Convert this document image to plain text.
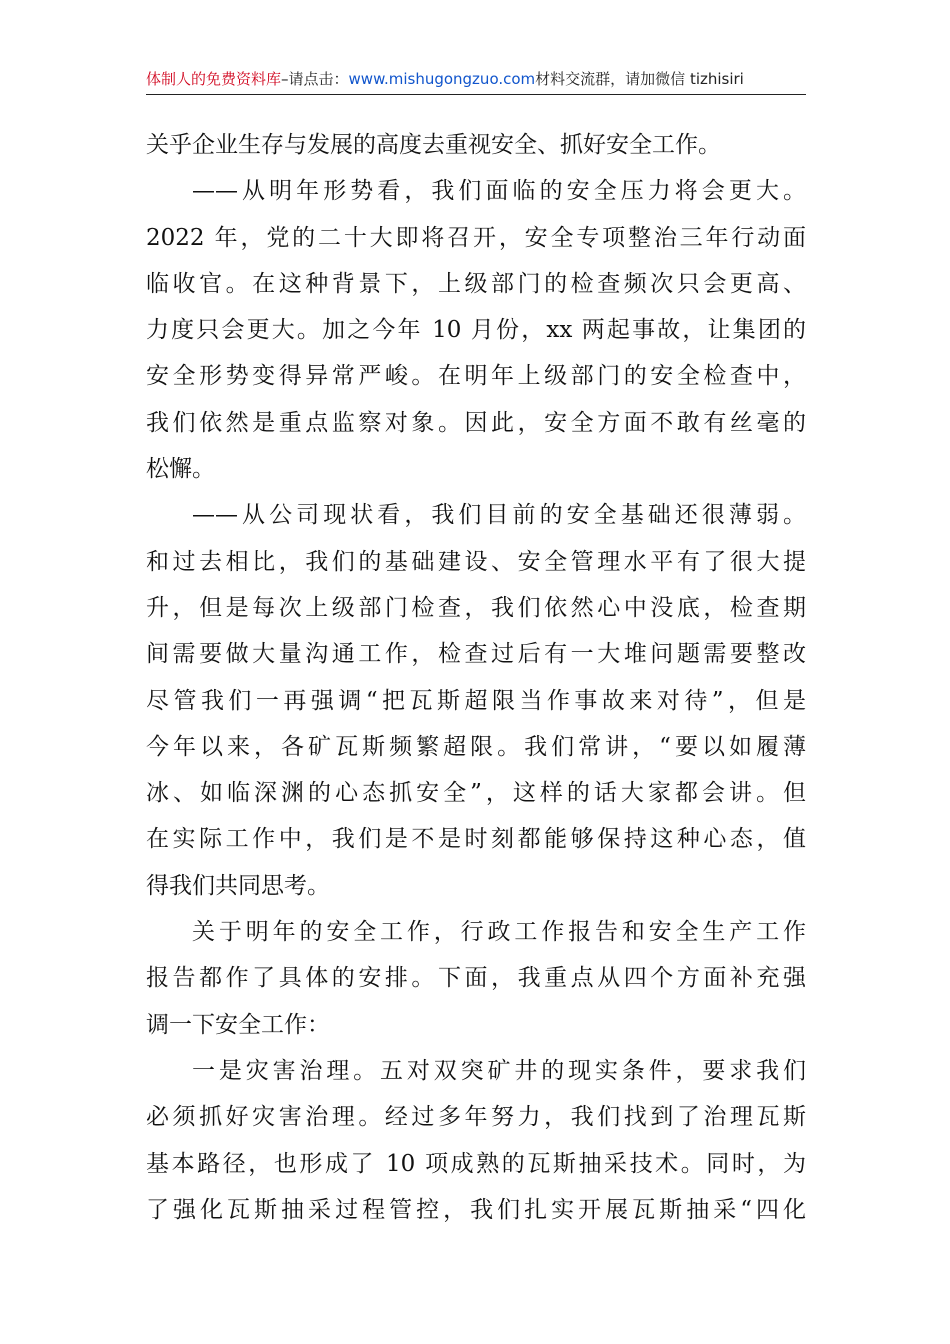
体制人的免费资料库–请点击：www.mishugongzuo.com材料交流群，请加微信 tizhisiri
关乎企业生存与发展的高度去重视安全、抓好安全工作。
——从明年形势看，我们面临的安全压力将会更大。
2022 年，党的二十大即将召开，安全专项整治三年行动面
临收官。在这种背景下，上级部门的检查频次只会更高、
力度只会更大。加之今年 10 月份，xx 两起事故，让集团的
安全形势变得异常严峻。在明年上级部门的安全检查中，
我们依然是重点监察对象。因此，安全方面不敢有丝毫的
松懈。
——从公司现状看，我们目前的安全基础还很薄弱。
和过去相比，我们的基础建设、安全管理水平有了很大提
升，但是每次上级部门检查，我们依然心中没底，检查期
间需要做大量沟通工作，检查过后有一大堆问题需要整改
尽管我们一再强调“把瓦斯超限当作事故来对待”，但是
今年以来，各矿瓦斯频繁超限。我们常讲，“要以如履薄
冰、如临深渊的心态抓安全”，这样的话大家都会讲。但
在实际工作中，我们是不是时刻都能够保持这种心态，值
得我们共同思考。
关于明年的安全工作，行政工作报告和安全生产工作
报告都作了具体的安排。下面，我重点从四个方面补充强
调一下安全工作：
一是灾害治理。五对双突矿井的现实条件，要求我们
必须抓好灾害治理。经过多年努力，我们找到了治理瓦斯
基本路径，也形成了 10 项成熟的瓦斯抽采技术。同时，为
了强化瓦斯抽采过程管控，我们扎实开展瓦斯抽采“四化
